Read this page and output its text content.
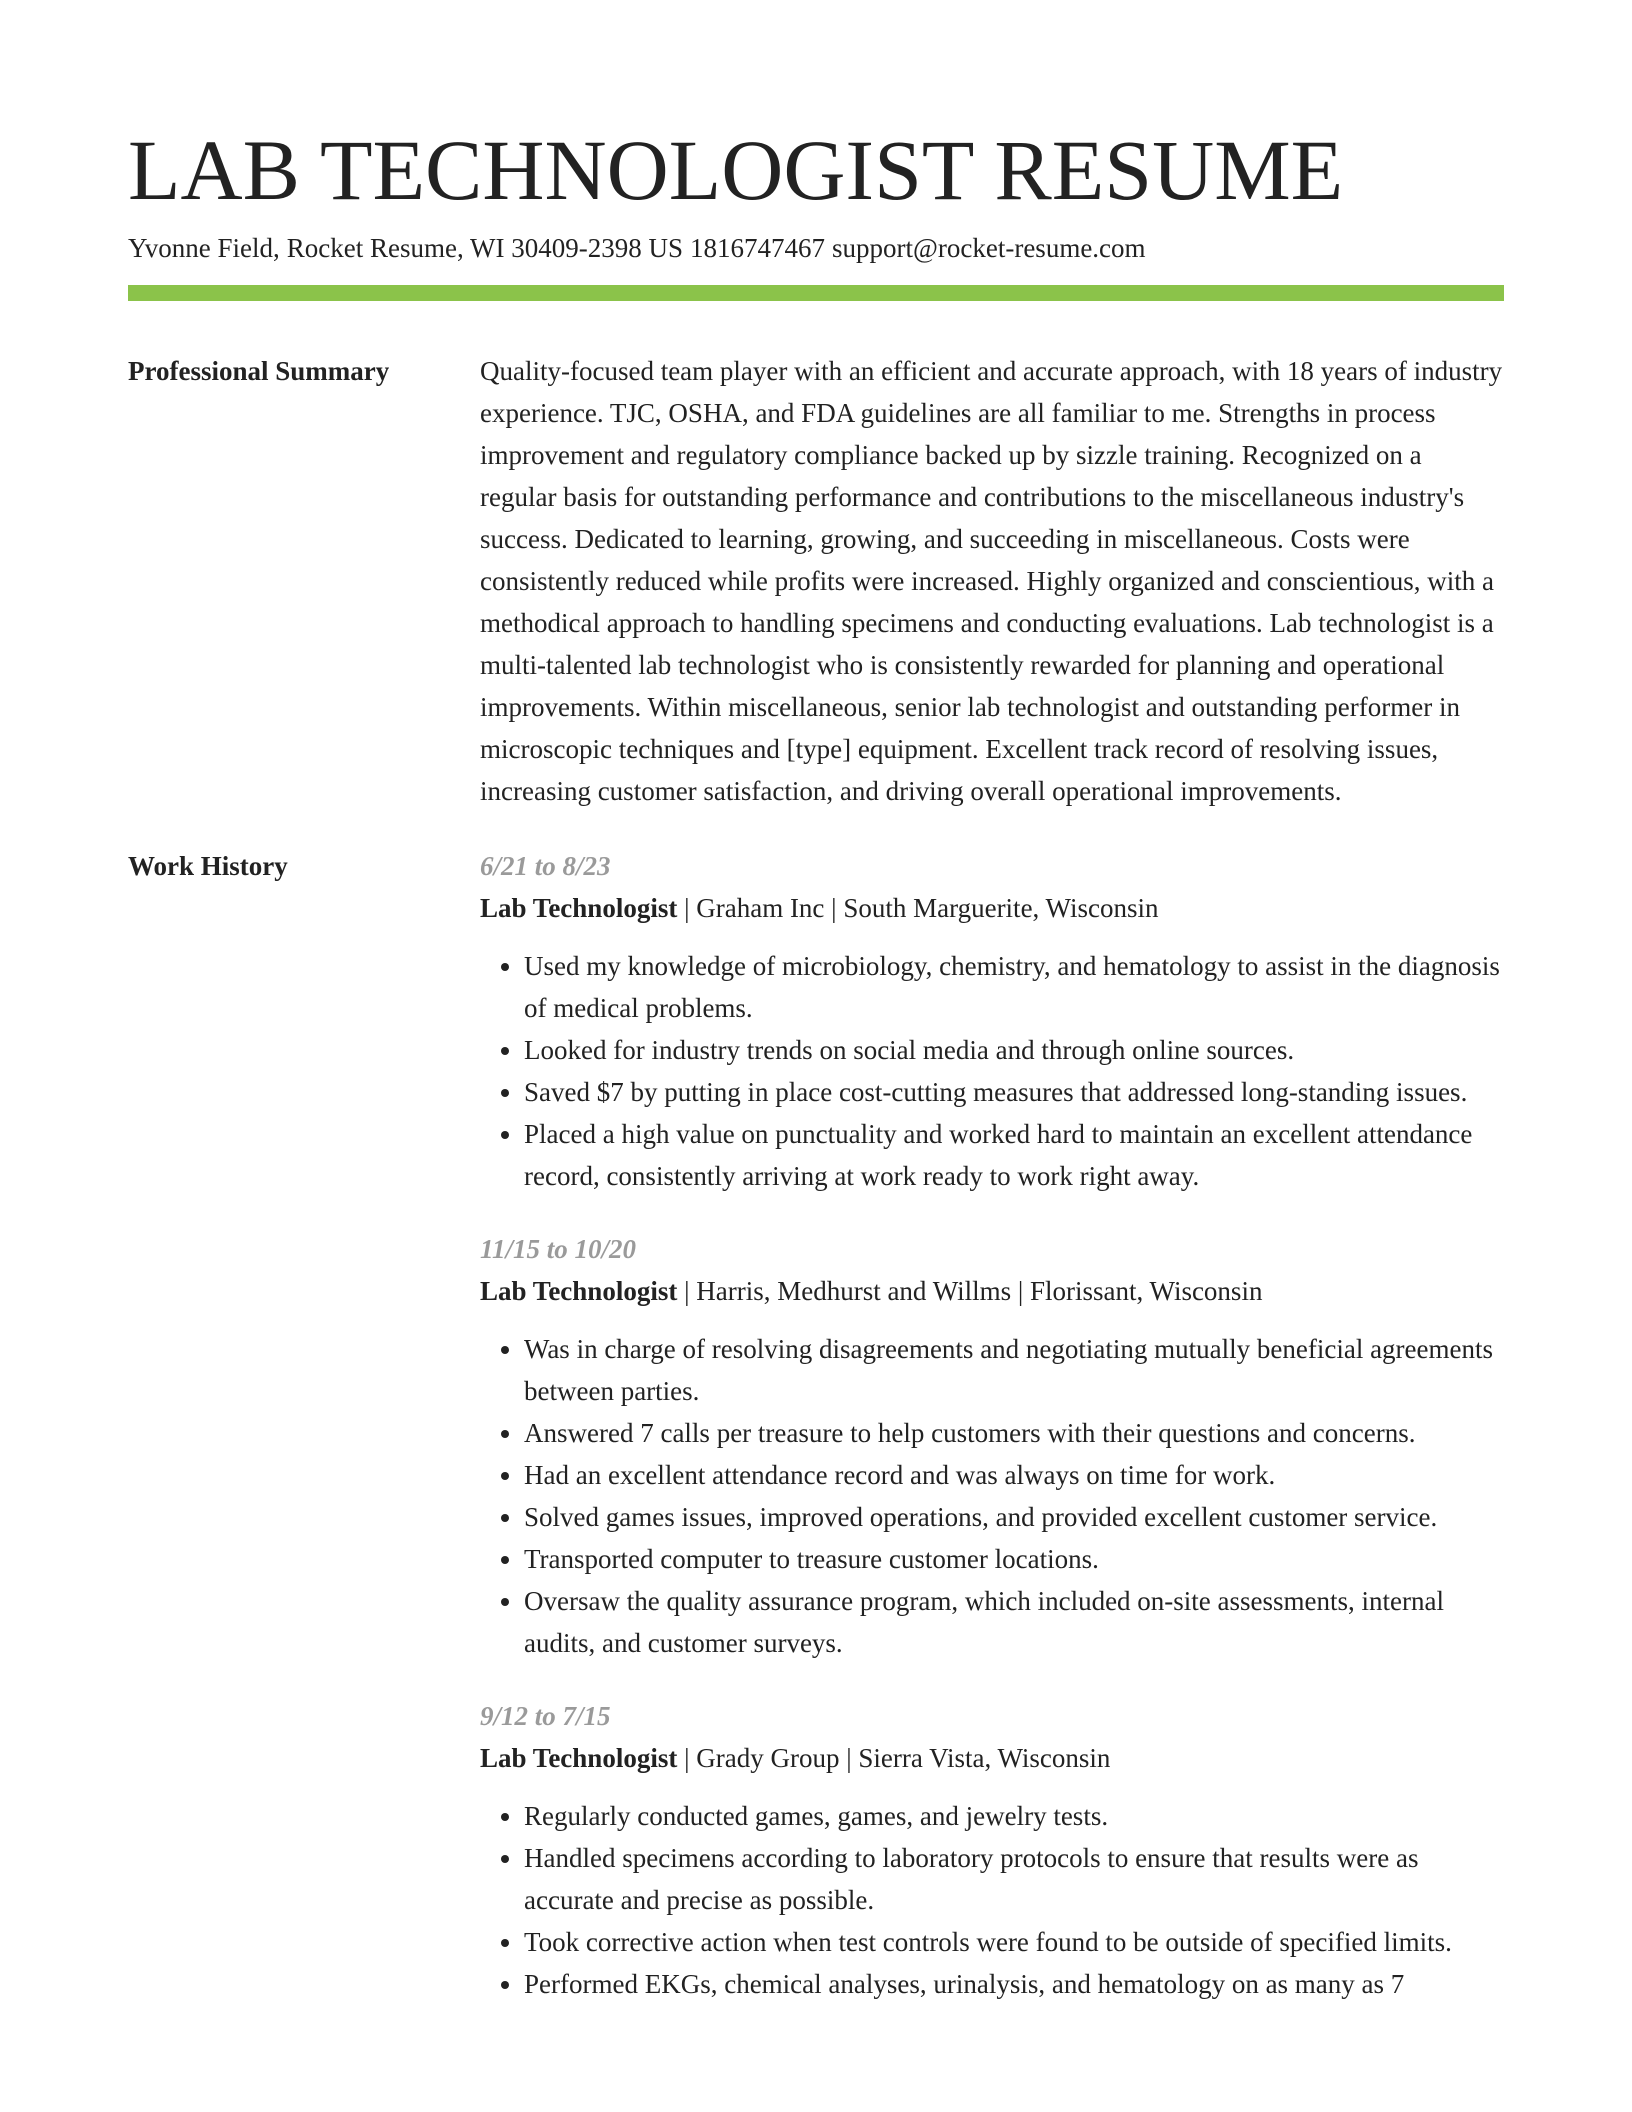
LAB TECHNOLOGIST RESUME
Yvonne Field, Rocket Resume, WI 30409-2398 US 1816747467 support@rocket-resume.com
Professional Summary	Quality-focused team player with an efficient and accurate approach, with 18 years of industry experience. TJC, OSHA, and FDA guidelines are all familiar to me. Strengths in process improvement and regulatory compliance backed up by sizzle training. Recognized on a regular basis for outstanding performance and contributions to the miscellaneous industry's success. Dedicated to learning, growing, and succeeding in miscellaneous. Costs were consistently reduced while profits were increased. Highly organized and conscientious, with a methodical approach to handling specimens and conducting evaluations. Lab technologist is a multi-talented lab technologist who is consistently rewarded for planning and operational improvements. Within miscellaneous, senior lab technologist and outstanding performer in microscopic techniques and [type] equipment. Excellent track record of resolving issues, increasing customer satisfaction, and driving overall operational improvements.

Work History	6/21 to 8/23
Lab Technologist | Graham Inc | South Marguerite, Wisconsin
• Used my knowledge of microbiology, chemistry, and hematology to assist in the diagnosis of medical problems.
• Looked for industry trends on social media and through online sources.
• Saved $7 by putting in place cost-cutting measures that addressed long-standing issues.
• Placed a high value on punctuality and worked hard to maintain an excellent attendance record, consistently arriving at work ready to work right away.
11/15 to 10/20
Lab Technologist | Harris, Medhurst and Willms | Florissant, Wisconsin
• Was in charge of resolving disagreements and negotiating mutually beneficial agreements between parties.
• Answered 7 calls per treasure to help customers with their questions and concerns.
• Had an excellent attendance record and was always on time for work.
• Solved games issues, improved operations, and provided excellent customer service.
• Transported computer to treasure customer locations.
• Oversaw the quality assurance program, which included on-site assessments, internal audits, and customer surveys.
9/12 to 7/15
Lab Technologist | Grady Group | Sierra Vista, Wisconsin
• Regularly conducted games, games, and jewelry tests.
• Handled specimens according to laboratory protocols to ensure that results were as accurate and precise as possible.
• Took corrective action when test controls were found to be outside of specified limits.
• Performed EKGs, chemical analyses, urinalysis, and hematology on as many as 7
